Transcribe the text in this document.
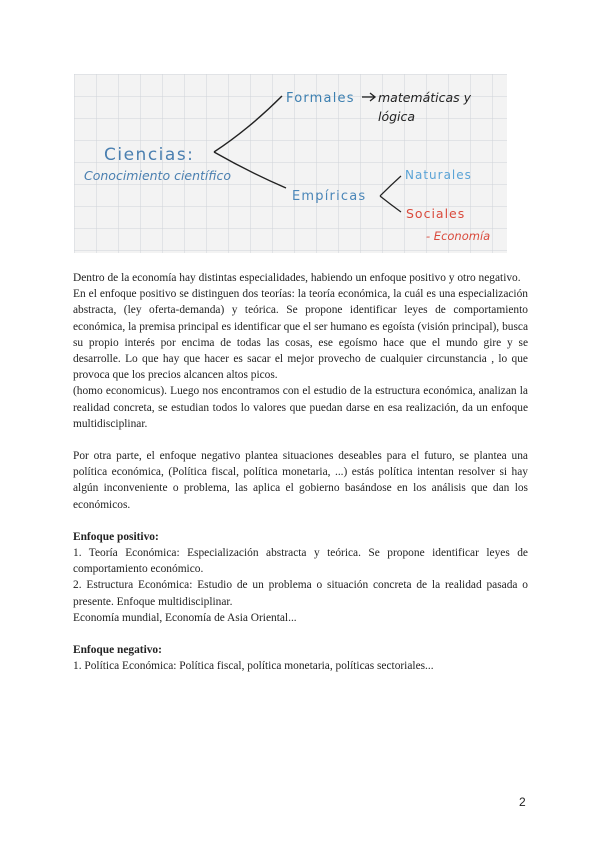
Ciencias:
Conocimiento científico
Formales matemáticas y
lógica
Empíricas
Naturales
Sociales
- Economía

Dentro de la economía hay distintas especialidades, habiendo un enfoque positivo y otro negativo.

En el enfoque positivo se distinguen dos teorías: la teoría económica, la cuál es una especialización abstracta, (ley oferta-demanda) y teórica. Se propone identificar leyes de comportamiento económica, la premisa principal es identificar que el ser humano es egoísta (visión principal), busca su propio interés por encima de todas las cosas, ese egoísmo hace que el mundo gire y se desarrolle. Lo que hay que hacer es sacar el mejor provecho de cualquier circunstancia , lo que provoca que los precios alcancen altos picos.

(homo economicus). Luego nos encontramos con el estudio de la estructura económica, analizan la realidad concreta, se estudian todos lo valores que puedan darse en esa realización, da un enfoque multidisciplinar.

Por otra parte, el enfoque negativo plantea situaciones deseables para el futuro, se plantea una política económica, (Política fiscal, política monetaria, ...) estás política intentan resolver si hay algún inconveniente o problema, las aplica el gobierno basándose en los análisis que dan los económicos.

Enfoque positivo:

1. Teoría Económica: Especialización abstracta y teórica. Se propone identificar leyes de comportamiento económico.

2. Estructura Económica: Estudio de un problema o situación concreta de la realidad pasada o presente. Enfoque multidisciplinar.

Economía mundial, Economía de Asia Oriental...

Enfoque negativo:

1. Política Económica: Política fiscal, política monetaria, políticas sectoriales...

2
